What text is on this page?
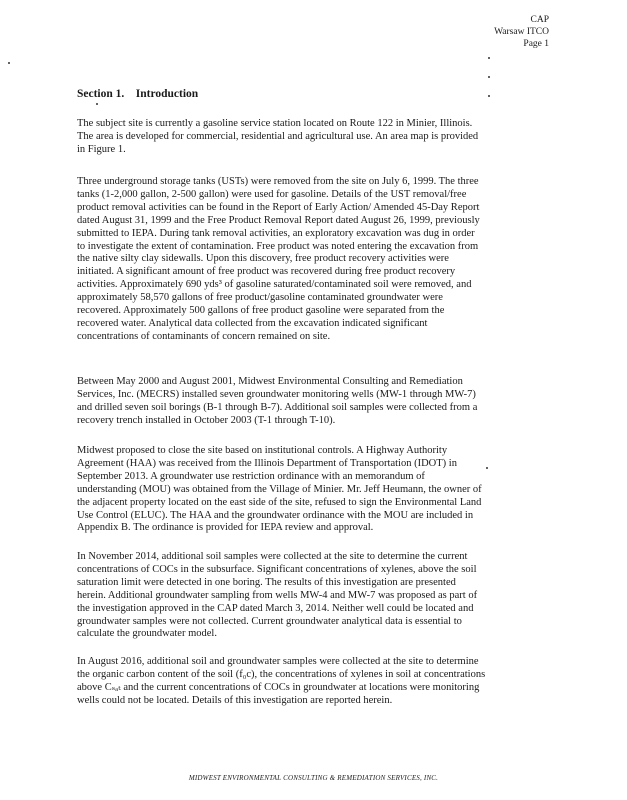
CAP
Warsaw ITCO
Page 1
Section 1. Introduction

The subject site is currently a gasoline service station located on Route 122 in Minier, Illinois.
The area is developed for commercial, residential and agricultural use. An area map is provided
in Figure 1.

Three underground storage tanks (USTs) were removed from the site on July 6, 1999. The three
tanks (1-2,000 gallon, 2-500 gallon) were used for gasoline. Details of the UST removal/free
product removal activities can be found in the Report of Early Action/ Amended 45-Day Report
dated August 31, 1999 and the Free Product Removal Report dated August 26, 1999, previously
submitted to IEPA. During tank removal activities, an exploratory excavation was dug in order
to investigate the extent of contamination. Free product was noted entering the excavation from
the native silty clay sidewalls. Upon this discovery, free product recovery activities were
initiated. A significant amount of free product was recovered during free product recovery
activities. Approximately 690 yds³ of gasoline saturated/contaminated soil were removed, and
approximately 58,570 gallons of free product/gasoline contaminated groundwater were
recovered. Approximately 500 gallons of free product gasoline were separated from the
recovered water. Analytical data collected from the excavation indicated significant
concentrations of contaminants of concern remained on site.

Between May 2000 and August 2001, Midwest Environmental Consulting and Remediation
Services, Inc. (MECRS) installed seven groundwater monitoring wells (MW-1 through MW-7)
and drilled seven soil borings (B-1 through B-7). Additional soil samples were collected from a
recovery trench installed in October 2003 (T-1 through T-10).

Midwest proposed to close the site based on institutional controls. A Highway Authority
Agreement (HAA) was received from the Illinois Department of Transportation (IDOT) in
September 2013. A groundwater use restriction ordinance with an memorandum of
understanding (MOU) was obtained from the Village of Minier. Mr. Jeff Heumann, the owner of
the adjacent property located on the east side of the site, refused to sign the Environmental Land
Use Control (ELUC). The HAA and the groundwater ordinance with the MOU are included in
Appendix B. The ordinance is provided for IEPA review and approval.

In November 2014, additional soil samples were collected at the site to determine the current
concentrations of COCs in the subsurface. Significant concentrations of xylenes, above the soil
saturation limit were detected in one boring. The results of this investigation are presented
herein. Additional groundwater sampling from wells MW-4 and MW-7 was proposed as part of
the investigation approved in the CAP dated March 3, 2014. Neither well could be located and
groundwater samples were not collected. Current groundwater analytical data is essential to
calculate the groundwater model.

In August 2016, additional soil and groundwater samples were collected at the site to determine
the organic carbon content of the soil (f₀c), the concentrations of xylenes in soil at concentrations
above Cₛₐₜ and the current concentrations of COCs in groundwater at locations were monitoring
wells could not be located. Details of this investigation are reported herein.

MIDWEST ENVIRONMENTAL CONSULTING & REMEDIATION SERVICES, INC.
